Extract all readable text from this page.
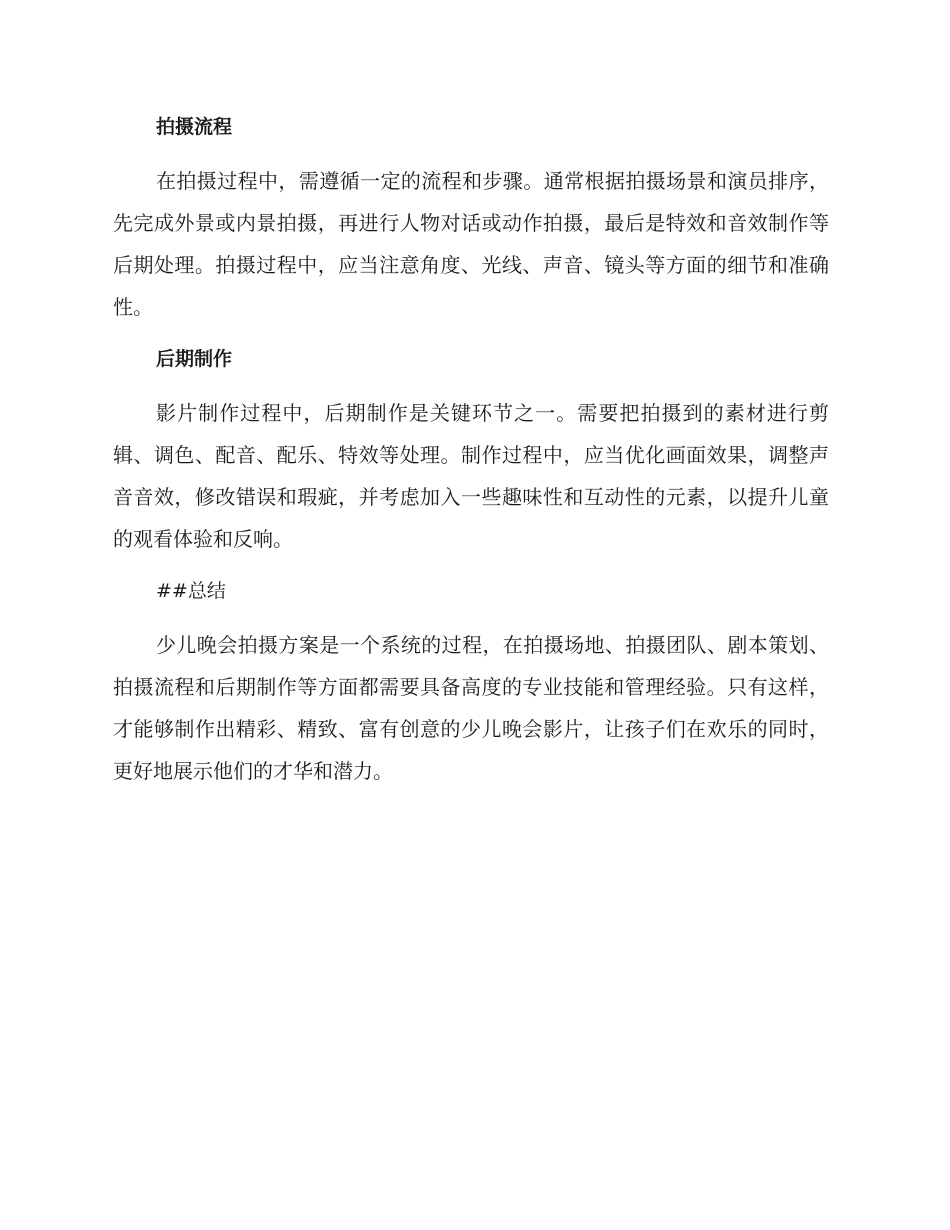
拍摄流程

在拍摄过程中，需遵循一定的流程和步骤。通常根据拍摄场景和演员排序，先完成外景或内景拍摄，再进行人物对话或动作拍摄，最后是特效和音效制作等后期处理。拍摄过程中，应当注意角度、光线、声音、镜头等方面的细节和准确性。

后期制作

影片制作过程中，后期制作是关键环节之一。需要把拍摄到的素材进行剪辑、调色、配音、配乐、特效等处理。制作过程中，应当优化画面效果，调整声音音效，修改错误和瑕疵，并考虑加入一些趣味性和互动性的元素，以提升儿童的观看体验和反响。

##总结

少儿晚会拍摄方案是一个系统的过程，在拍摄场地、拍摄团队、剧本策划、拍摄流程和后期制作等方面都需要具备高度的专业技能和管理经验。只有这样，才能够制作出精彩、精致、富有创意的少儿晚会影片，让孩子们在欢乐的同时，更好地展示他们的才华和潜力。
